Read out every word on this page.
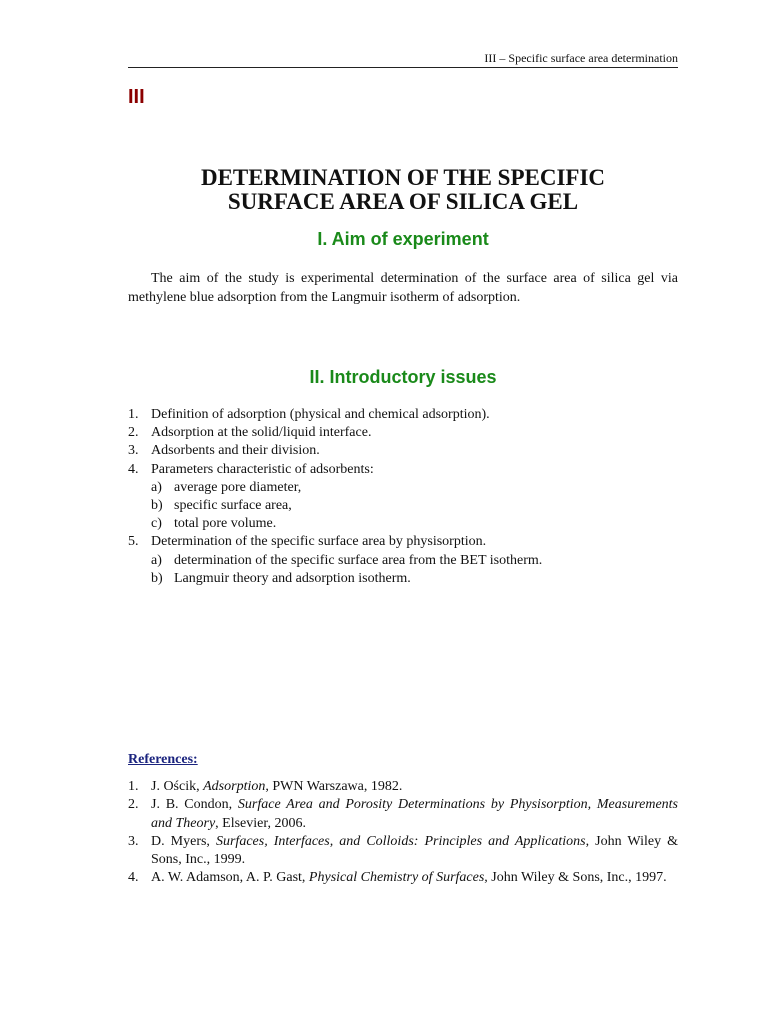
III – Specific surface area determination
III
DETERMINATION OF THE SPECIFIC
SURFACE AREA OF SILICA GEL
I. Aim of experiment

The aim of the study is experimental determination of the surface area of silica gel via methylene blue adsorption from the Langmuir isotherm of adsorption.

II. Introductory issues
1. Definition of adsorption (physical and chemical adsorption).
2. Adsorption at the solid/liquid interface.
3. Adsorbents and their division.
4. Parameters characteristic of adsorbents:
a) average pore diameter,
b) specific surface area,
c) total pore volume.
5. Determination of the specific surface area by physisorption.
a) determination of the specific surface area from the BET isotherm.
b) Langmuir theory and adsorption isotherm.
References:
1. J. Ościk, Adsorption, PWN Warszawa, 1982.
2. J. B. Condon, Surface Area and Porosity Determinations by Physisorption, Measurements and Theory, Elsevier, 2006.
3. D. Myers, Surfaces, Interfaces, and Colloids: Principles and Applications, John Wiley & Sons, Inc., 1999.
4. A. W. Adamson, A. P. Gast, Physical Chemistry of Surfaces, John Wiley & Sons, Inc., 1997.
